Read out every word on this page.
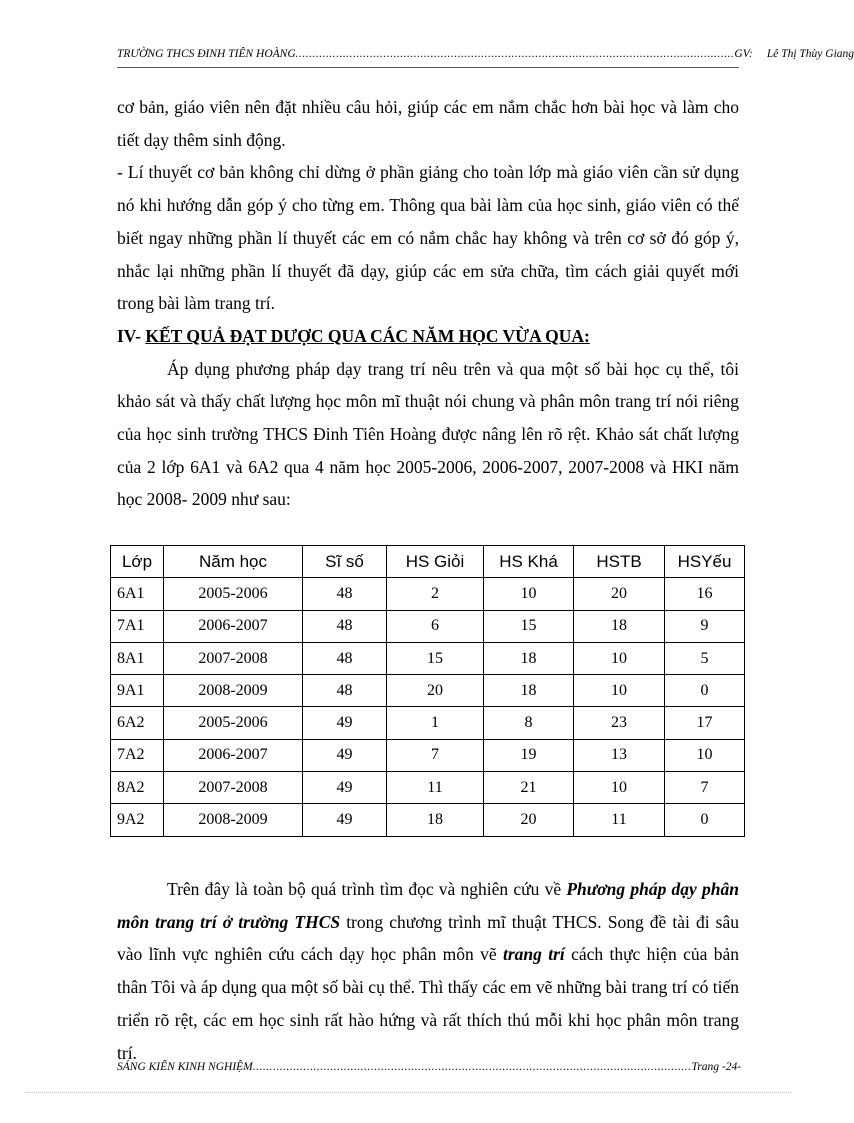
TRƯỜNG THCS ĐINH TIÊN HOÀNG .................................................................................................................................. GV: Lê Thị Thùy Giang

cơ bản, giáo viên nên đặt nhiều câu hỏi, giúp các em nắm chắc hơn bài học và làm cho tiết dạy thêm sinh động.

- Lí thuyết cơ bản không chỉ dừng ở phần giảng cho toàn lớp mà giáo viên cần sử dụng nó khi hướng dẫn góp ý cho từng em. Thông qua bài làm của học sinh, giáo viên có thể biết ngay những phần lí thuyết các em có nắm chắc hay không và trên cơ sở đó góp ý, nhắc lại những phần lí thuyết đã dạy, giúp các em sửa chữa, tìm cách giải quyết mới trong bài làm trang trí.

IV- KẾT QUẢ ĐẠT DƯỢC QUA CÁC NĂM HỌC VỪA QUA:

Áp dụng phương pháp dạy trang trí nêu trên và qua một số bài học cụ thể, tôi khảo sát và thấy chất lượng học môn mĩ thuật nói chung và phân môn trang trí nói riêng của học sinh trường THCS Đinh Tiên Hoàng được nâng lên rõ rệt. Khảo sát chất lượng của 2 lớp 6A1 và 6A2 qua 4 năm học 2005-2006, 2006-2007, 2007-2008 và HKI năm học 2008- 2009 như sau:

Lớp	Năm học	Sĩ số	HS Giỏi	HS Khá	HSTB	HSYếu
6A1	2005-2006	48	2	10	20	16
7A1	2006-2007	48	6	15	18	9
8A1	2007-2008	48	15	18	10	5
9A1	2008-2009	48	20	18	10	0
6A2	2005-2006	49	1	8	23	17
7A2	2006-2007	49	7	19	13	10
8A2	2007-2008	49	11	21	10	7
9A2	2008-2009	49	18	20	11	0

Trên đây là toàn bộ quá trình tìm đọc và nghiên cứu về Phương pháp dạy phân môn trang trí ở trường THCS trong chương trình mĩ thuật THCS. Song đề tài đi sâu vào lĩnh vực nghiên cứu cách dạy học phân môn vẽ trang trí cách thực hiện của bản thân Tôi và áp dụng qua một số bài cụ thể. Thì thấy các em vẽ những bài trang trí có tiến triển rõ rệt, các em học sinh rất hào hứng và rất thích thú mỗi khi học phân môn trang trí.

SÁNG KIẾN KINH NGHIỆM .................................................................................................................................. Trang -24-
